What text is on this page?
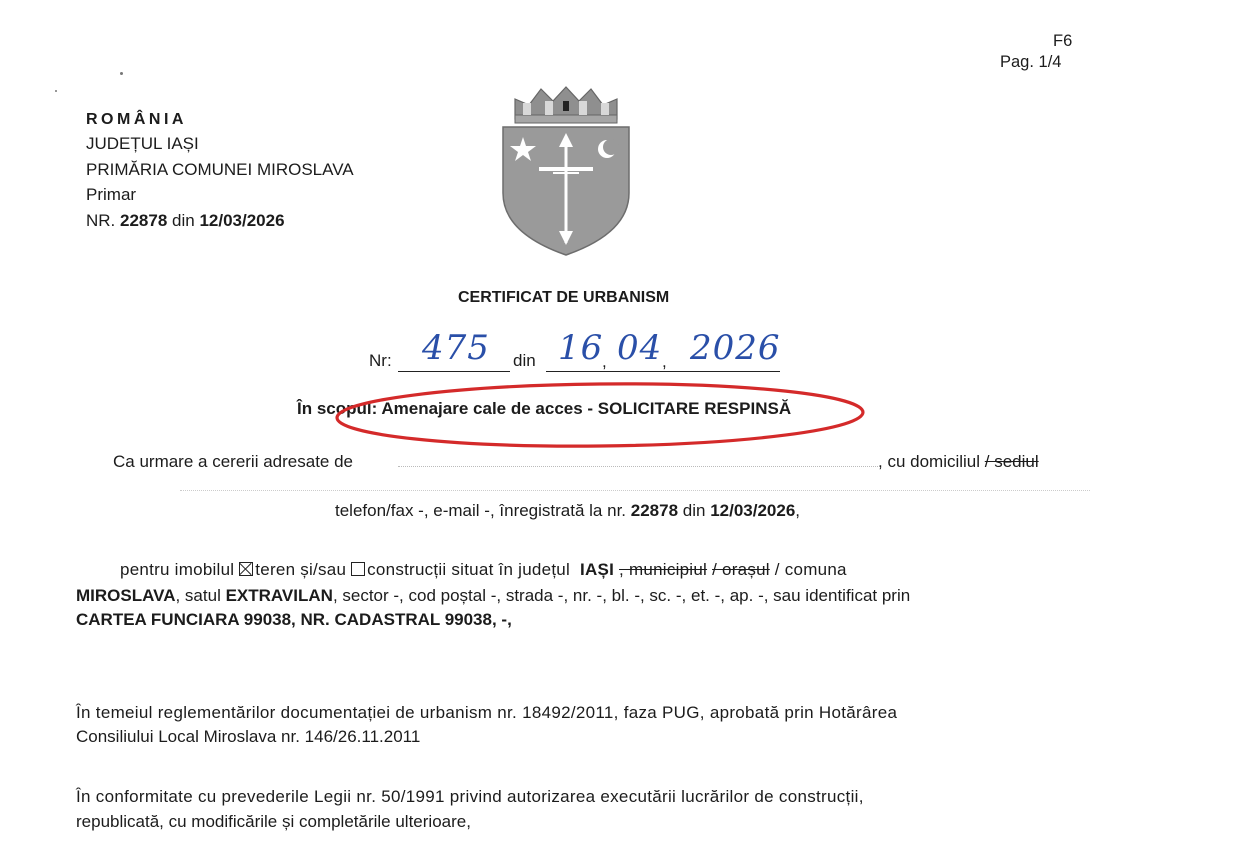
F6
Pag. 1/4
ROMÂNIA
JUDEȚUL IAȘI
PRIMĂRIA COMUNEI MIROSLAVA
Primar
NR. 22878 din 12/03/2026
CERTIFICAT DE URBANISM
Nr: 475 din 16
, 04 , 2026
În scopul: Amenajare cale de acces - SOLICITARE RESPINSĂ
Ca urmare a cererii adresate de	, cu domiciliul / sediul
telefon/fax -, e-mail -, înregistrată la nr. 22878 din 12/03/2026,
pentru imobilul teren și/sau construcții situat în județul IAȘI , municipiul / orașul / comuna
MIROSLAVA, satul EXTRAVILAN, sector -, cod poștal -, strada -, nr. -, bl. -, sc. -, et. -, ap. -, sau identificat prin
CARTEA FUNCIARA 99038, NR. CADASTRAL 99038, -,
În temeiul reglementărilor documentației de urbanism nr. 18492/2011, faza PUG, aprobată prin Hotărârea
Consiliului Local Miroslava nr. 146/26.11.2011
În conformitate cu prevederile Legii nr. 50/1991 privind autorizarea executării lucrărilor de construcții,
republicată, cu modificările și completările ulterioare,
